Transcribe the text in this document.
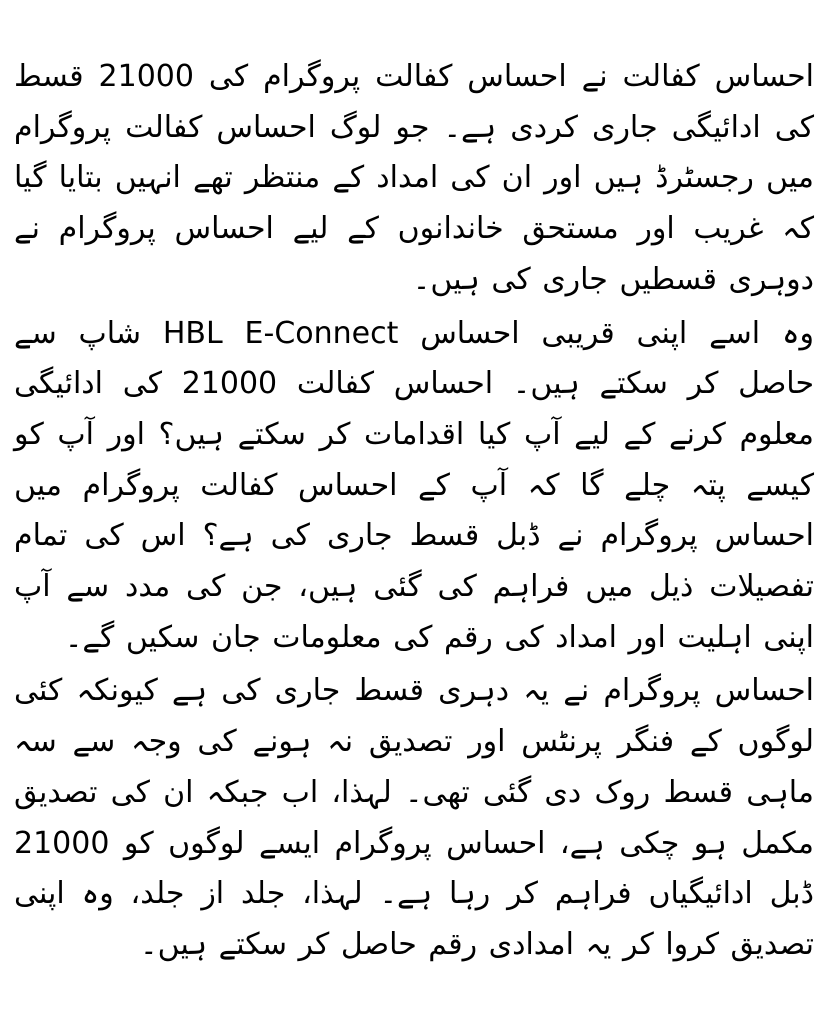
احساس کفالت نے احساس کفالت پروگرام کی 21000 قسط کی ادائیگی جاری کردی ہے۔ جو لوگ احساس کفالت پروگرام میں رجسٹرڈ ہیں اور ان کی امداد کے منتظر تھے انہیں بتایا گیا کہ غریب اور مستحق خاندانوں کے لیے احساس پروگرام نے دوہری قسطیں جاری کی ہیں۔

وہ اسے اپنی قریبی احساس HBL E-Connect شاپ سے حاصل کر سکتے ہیں۔ احساس کفالت 21000 کی ادائیگی معلوم کرنے کے لیے آپ کیا اقدامات کر سکتے ہیں؟ اور آپ کو کیسے پتہ چلے گا کہ آپ کے احساس کفالت پروگرام میں احساس پروگرام نے ڈبل قسط جاری کی ہے؟ اس کی تمام تفصیلات ذیل میں فراہم کی گئی ہیں، جن کی مدد سے آپ اپنی اہلیت اور امداد کی رقم کی معلومات جان سکیں گے۔

احساس پروگرام نے یہ دہری قسط جاری کی ہے کیونکہ کئی لوگوں کے فنگر پرنٹس اور تصدیق نہ ہونے کی وجہ سے سہ ماہی قسط روک دی گئی تھی۔ لہذا، اب جبکہ ان کی تصدیق مکمل ہو چکی ہے، احساس پروگرام ایسے لوگوں کو 21000 ڈبل ادائیگیاں فراہم کر رہا ہے۔ لہذا، جلد از جلد، وہ اپنی تصدیق کروا کر یہ امدادی رقم حاصل کر سکتے ہیں۔
